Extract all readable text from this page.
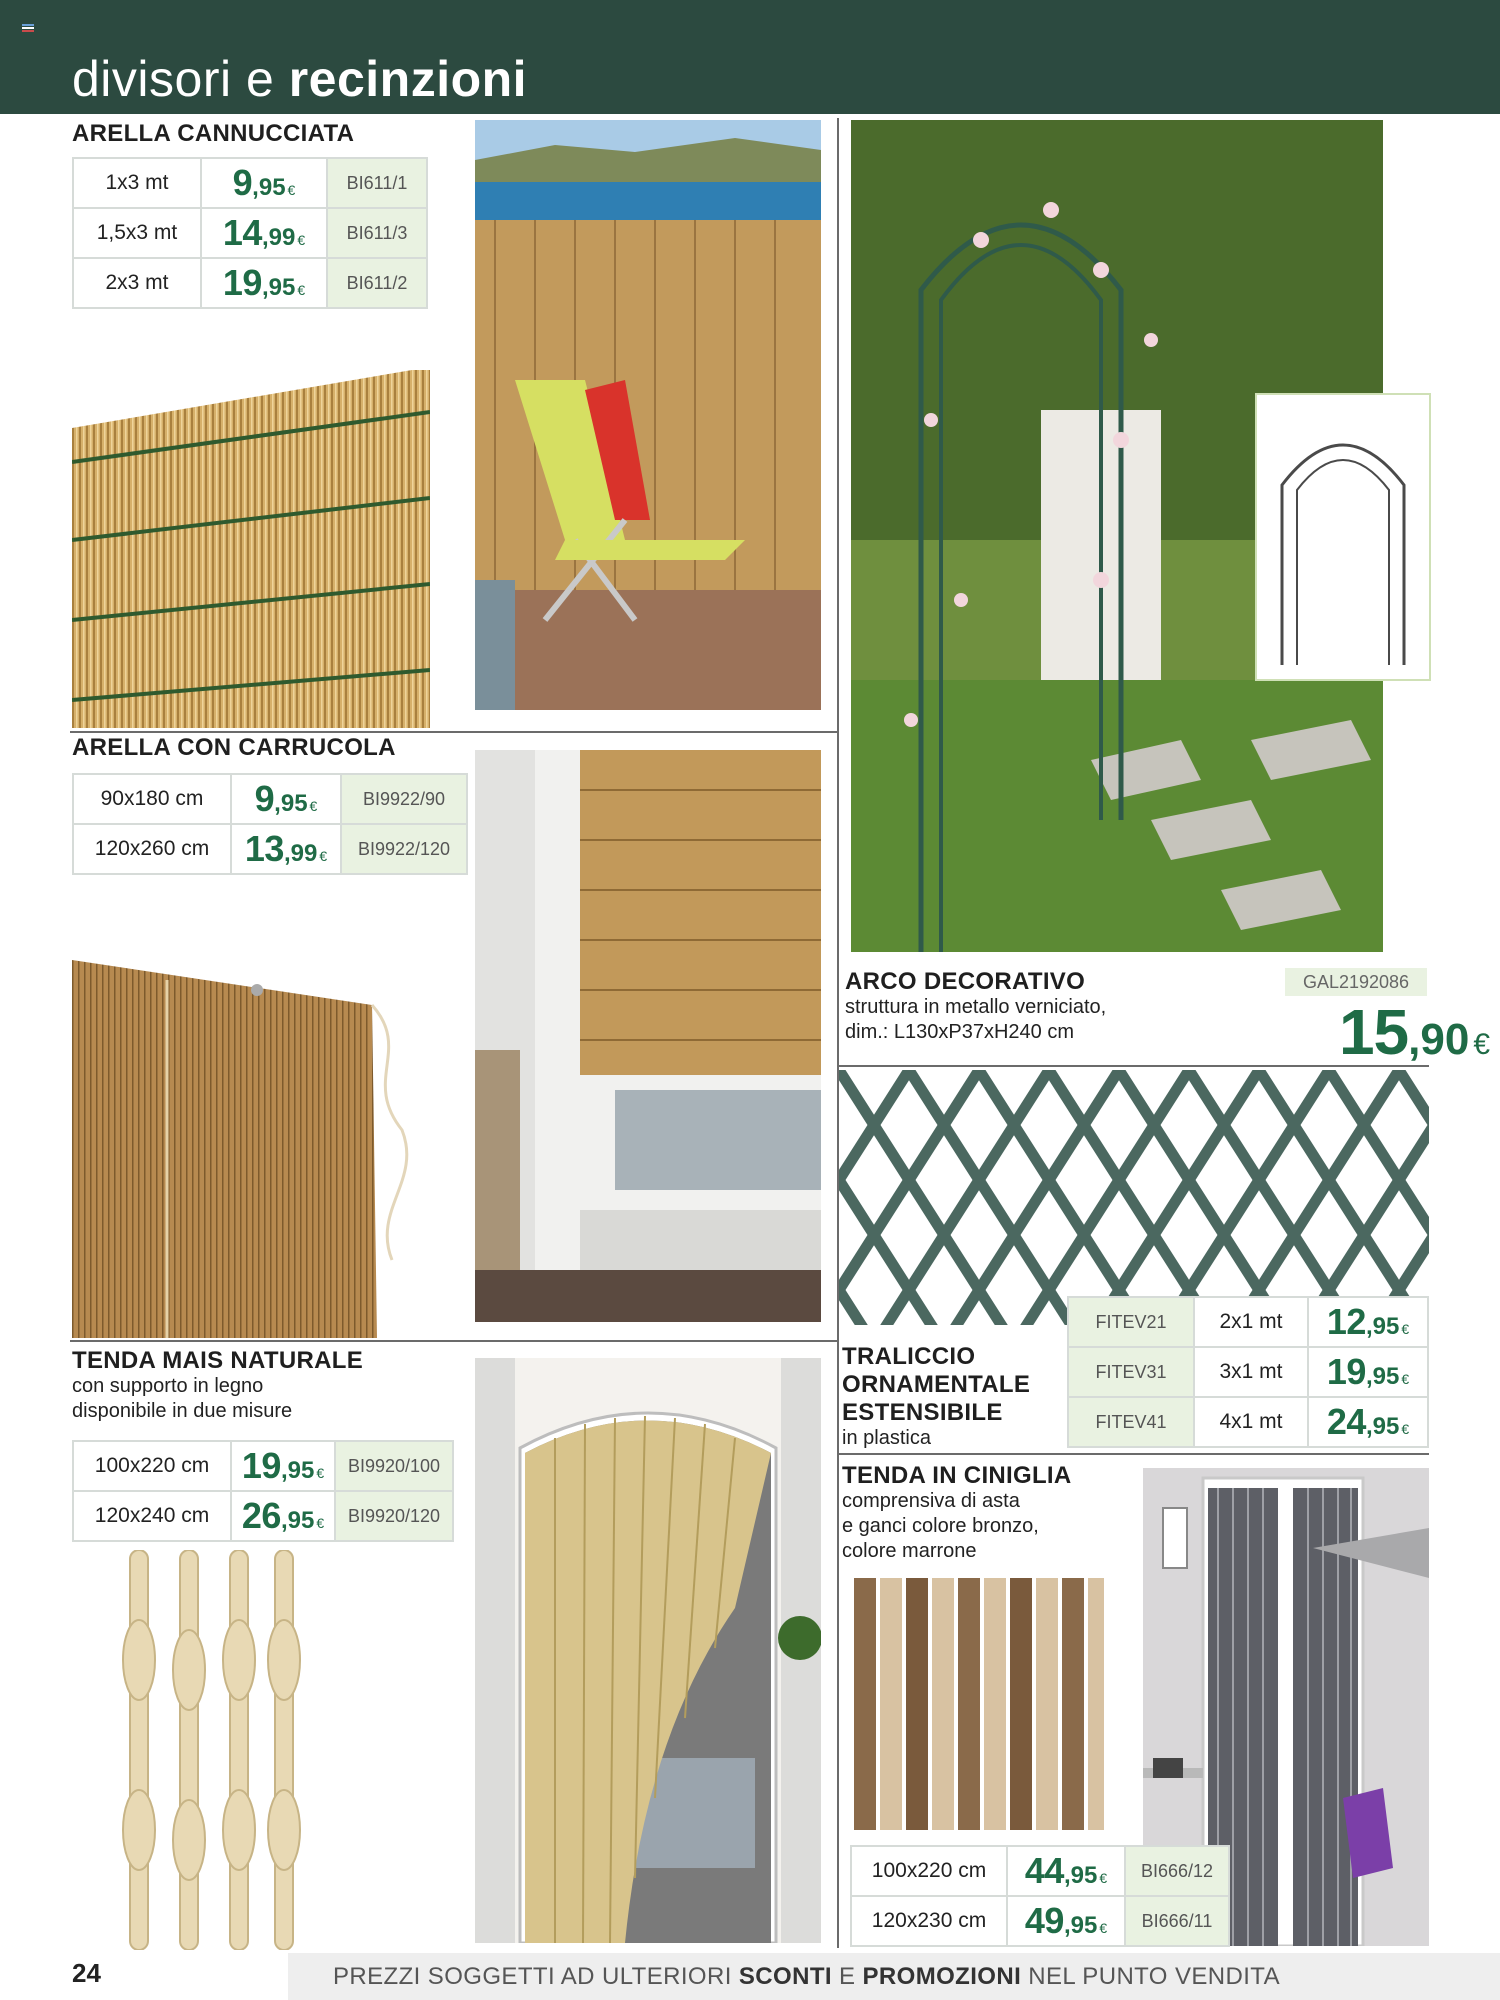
divisori e recinzioni
ARELLA CANNUCCIATA
1x3 mt	9,95 €	BI611/1
1,5x3 mt	14,99 €	BI611/3
2x3 mt	19,95 €	BI611/2
ARELLA CON CARRUCOLA
90x180 cm	9,95 €	BI9922/90
120x260 cm	13,99 €	BI9922/120
TENDA MAIS NATURALE
con supporto in legno
disponibile in due misure
100x220 cm	19,95 €	BI9920/100
120x240 cm	26,95 €	BI9920/120
ARCO DECORATIVO
struttura in metallo verniciato,
dim.: L130xP37xH240 cm
GAL2192086
15,90 €
FITEV21	2x1 mt	12,95 €
FITEV31	3x1 mt	19,95 €
FITEV41	4x1 mt	24,95 €
TRALICCIO
ORNAMENTALE
ESTENSIBILE
in plastica
TENDA IN CINIGLIA
comprensiva di asta
e ganci colore bronzo,
colore marrone
100x220 cm	44,95 €	BI666/12
120x230 cm	49,95 €	BI666/11
24	PREZZI SOGGETTI AD ULTERIORI SCONTI E PROMOZIONI NEL PUNTO VENDITA
